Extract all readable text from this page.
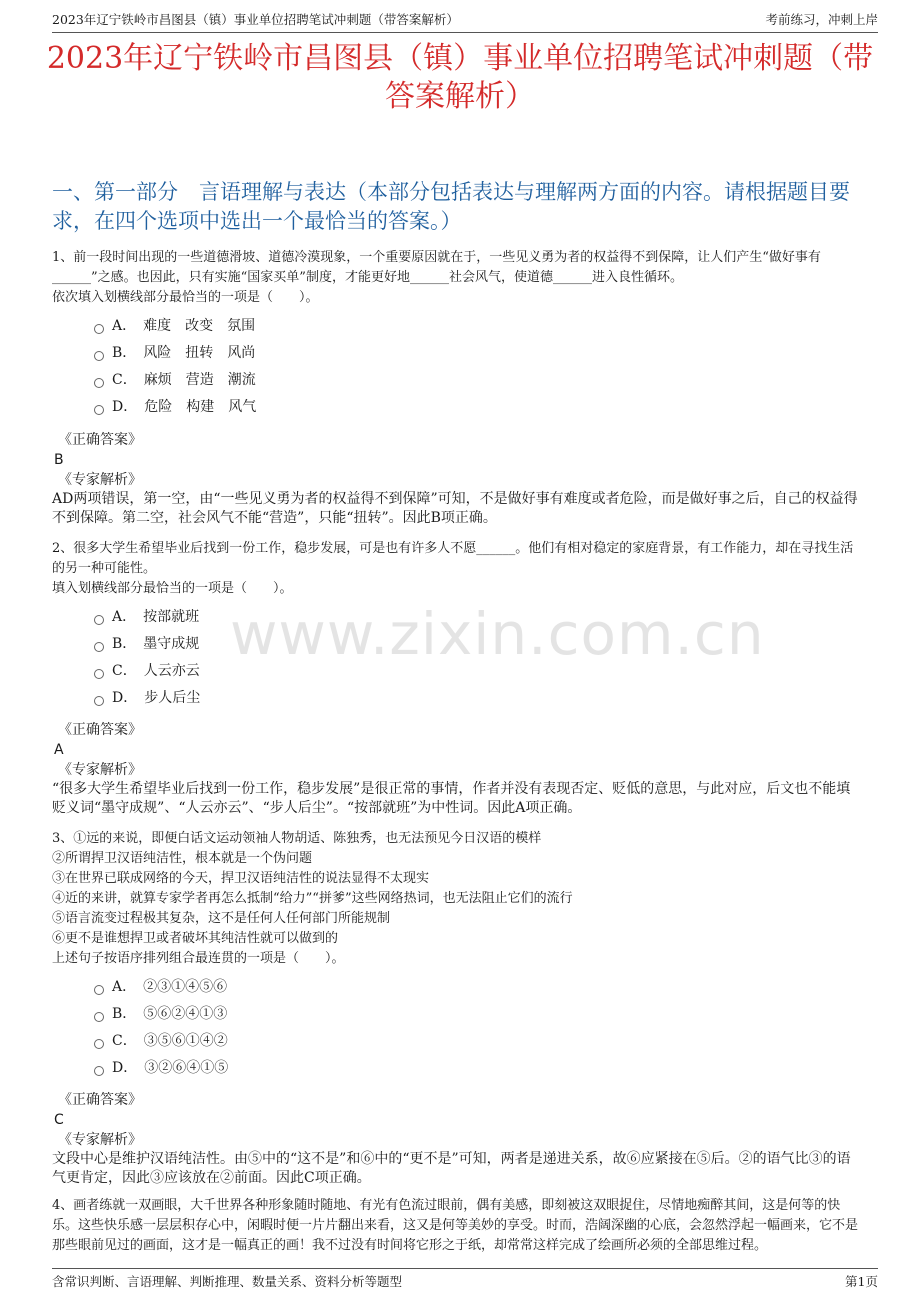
2023年辽宁铁岭市昌图县（镇）事业单位招聘笔试冲刺题（带答案解析）	考前练习，冲刺上岸
www.zixin.com.cn
2023年辽宁铁岭市昌图县（镇）事业单位招聘笔试冲刺题（带答案解析）
一、第一部分　言语理解与表达（本部分包括表达与理解两方面的内容。请根据题目要求，在四个选项中选出一个最恰当的答案。）

1、前一段时间出现的一些道德滑坡、道德冷漠现象，一个重要原因就在于，一些见义勇为者的权益得不到保障，让人们产生“做好事有______”之感。也因此，只有实施“国家买单”制度，才能更好地______社会风气，使道德______进入良性循环。

依次填入划横线部分最恰当的一项是（　　）。

A．　难度　改变　氛围
B．　风险　扭转　风尚
C．　麻烦　营造　潮流
D．　危险　构建　风气
《正确答案》
B
《专家解析》
AD两项错误，第一空，由“一些见义勇为者的权益得不到保障”可知，不是做好事有难度或者危险，而是做好事之后，自己的权益得不到保障。第二空，社会风气不能“营造”，只能“扭转”。因此B项正确。

2、很多大学生希望毕业后找到一份工作，稳步发展，可是也有许多人不愿______。他们有相对稳定的家庭背景，有工作能力，却在寻找生活的另一种可能性。

填入划横线部分最恰当的一项是（　　）。

A．　按部就班
B．　墨守成规
C．　人云亦云
D．　步人后尘
《正确答案》
A
《专家解析》
“很多大学生希望毕业后找到一份工作，稳步发展”是很正常的事情，作者并没有表现否定、贬低的意思，与此对应，后文也不能填贬义词“墨守成规”、“人云亦云”、“步人后尘”。“按部就班”为中性词。因此A项正确。

3、①远的来说，即便白话文运动领袖人物胡适、陈独秀，也无法预见今日汉语的模样

②所谓捍卫汉语纯洁性，根本就是一个伪问题

③在世界已联成网络的今天，捍卫汉语纯洁性的说法显得不太现实

④近的来讲，就算专家学者再怎么抵制“给力”“拼爹”这些网络热词，也无法阻止它们的流行

⑤语言流变过程极其复杂，这不是任何人任何部门所能规制

⑥更不是谁想捍卫或者破坏其纯洁性就可以做到的

上述句子按语序排列组合最连贯的一项是（　　）。

A．　②③①④⑤⑥
B．　⑤⑥②④①③
C．　③⑤⑥①④②
D．　③②⑥④①⑤
《正确答案》
C
《专家解析》
文段中心是维护汉语纯洁性。由⑤中的“这不是”和⑥中的“更不是”可知，两者是递进关系，故⑥应紧接在⑤后。②的语气比③的语气更肯定，因此③应该放在②前面。因此C项正确。

4、画者练就一双画眼，大千世界各种形象随时随地、有光有色流过眼前，偶有美感，即刻被这双眼捉住，尽情地痴醉其间，这是何等的快乐。这些快乐感一层层积存心中，闲暇时便一片片翻出来看，这又是何等美妙的享受。时而，浩阔深幽的心底，会忽然浮起一幅画来，它不是那些眼前见过的画面，这才是一幅真正的画！我不过没有时间将它形之于纸，却常常这样完成了绘画所必须的全部思维过程。

含常识判断、言语理解、判断推理、数量关系、资料分析等题型	第1页
